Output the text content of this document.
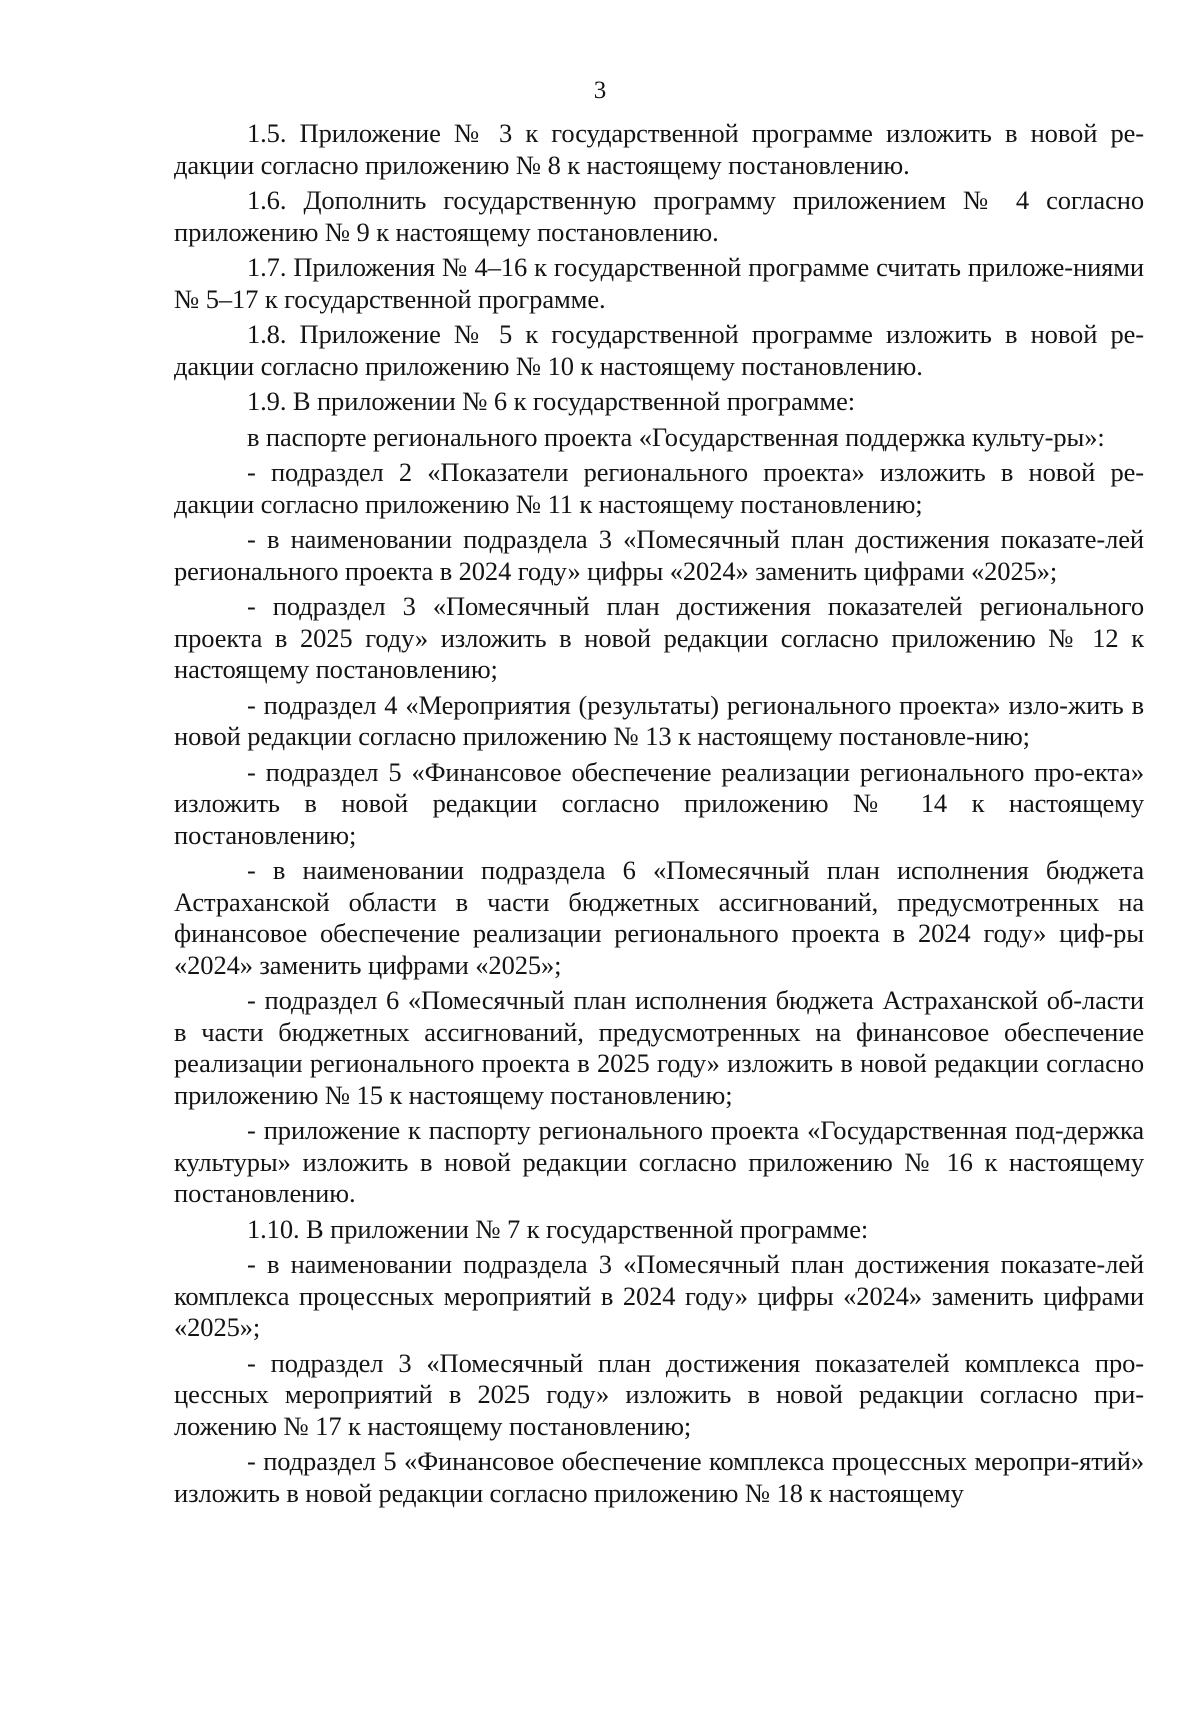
3

1.5. Приложение № 3 к государственной программе изложить в новой ре-дакции согласно приложению № 8 к настоящему постановлению.

1.6. Дополнить государственную программу приложением № 4 согласно приложению № 9 к настоящему постановлению.

1.7. Приложения № 4–16 к государственной программе считать приложе-ниями № 5–17 к государственной программе.

1.8. Приложение № 5 к государственной программе изложить в новой ре-дакции согласно приложению № 10 к настоящему постановлению.

1.9. В приложении № 6 к государственной программе:

в паспорте регионального проекта «Государственная поддержка культу-ры»:

- подраздел 2 «Показатели регионального проекта» изложить в новой ре-дакции согласно приложению № 11 к настоящему постановлению;

- в наименовании подраздела 3 «Помесячный план достижения показате-лей регионального проекта в 2024 году» цифры «2024» заменить цифрами «2025»;

- подраздел 3 «Помесячный план достижения показателей регионального проекта в 2025 году» изложить в новой редакции согласно приложению № 12 к настоящему постановлению;

- подраздел 4 «Мероприятия (результаты) регионального проекта» изло-жить в новой редакции согласно приложению № 13 к настоящему постановле-нию;

- подраздел 5 «Финансовое обеспечение реализации регионального про-екта» изложить в новой редакции согласно приложению № 14 к настоящему постановлению;

- в наименовании подраздела 6 «Помесячный план исполнения бюджета Астраханской области в части бюджетных ассигнований, предусмотренных на финансовое обеспечение реализации регионального проекта в 2024 году» циф-ры «2024» заменить цифрами «2025»;

- подраздел 6 «Помесячный план исполнения бюджета Астраханской об-ласти в части бюджетных ассигнований, предусмотренных на финансовое обеспечение реализации регионального проекта в 2025 году» изложить в новой редакции согласно приложению № 15 к настоящему постановлению;

- приложение к паспорту регионального проекта «Государственная под-держка культуры» изложить в новой редакции согласно приложению № 16 к настоящему постановлению.

1.10. В приложении № 7 к государственной программе:

- в наименовании подраздела 3 «Помесячный план достижения показате-лей комплекса процессных мероприятий в 2024 году» цифры «2024» заменить цифрами «2025»;

- подраздел 3 «Помесячный план достижения показателей комплекса про-цессных мероприятий в 2025 году» изложить в новой редакции согласно при-ложению № 17 к настоящему постановлению;

- подраздел 5 «Финансовое обеспечение комплекса процессных меропри-ятий» изложить в новой редакции согласно приложению № 18 к настоящему
